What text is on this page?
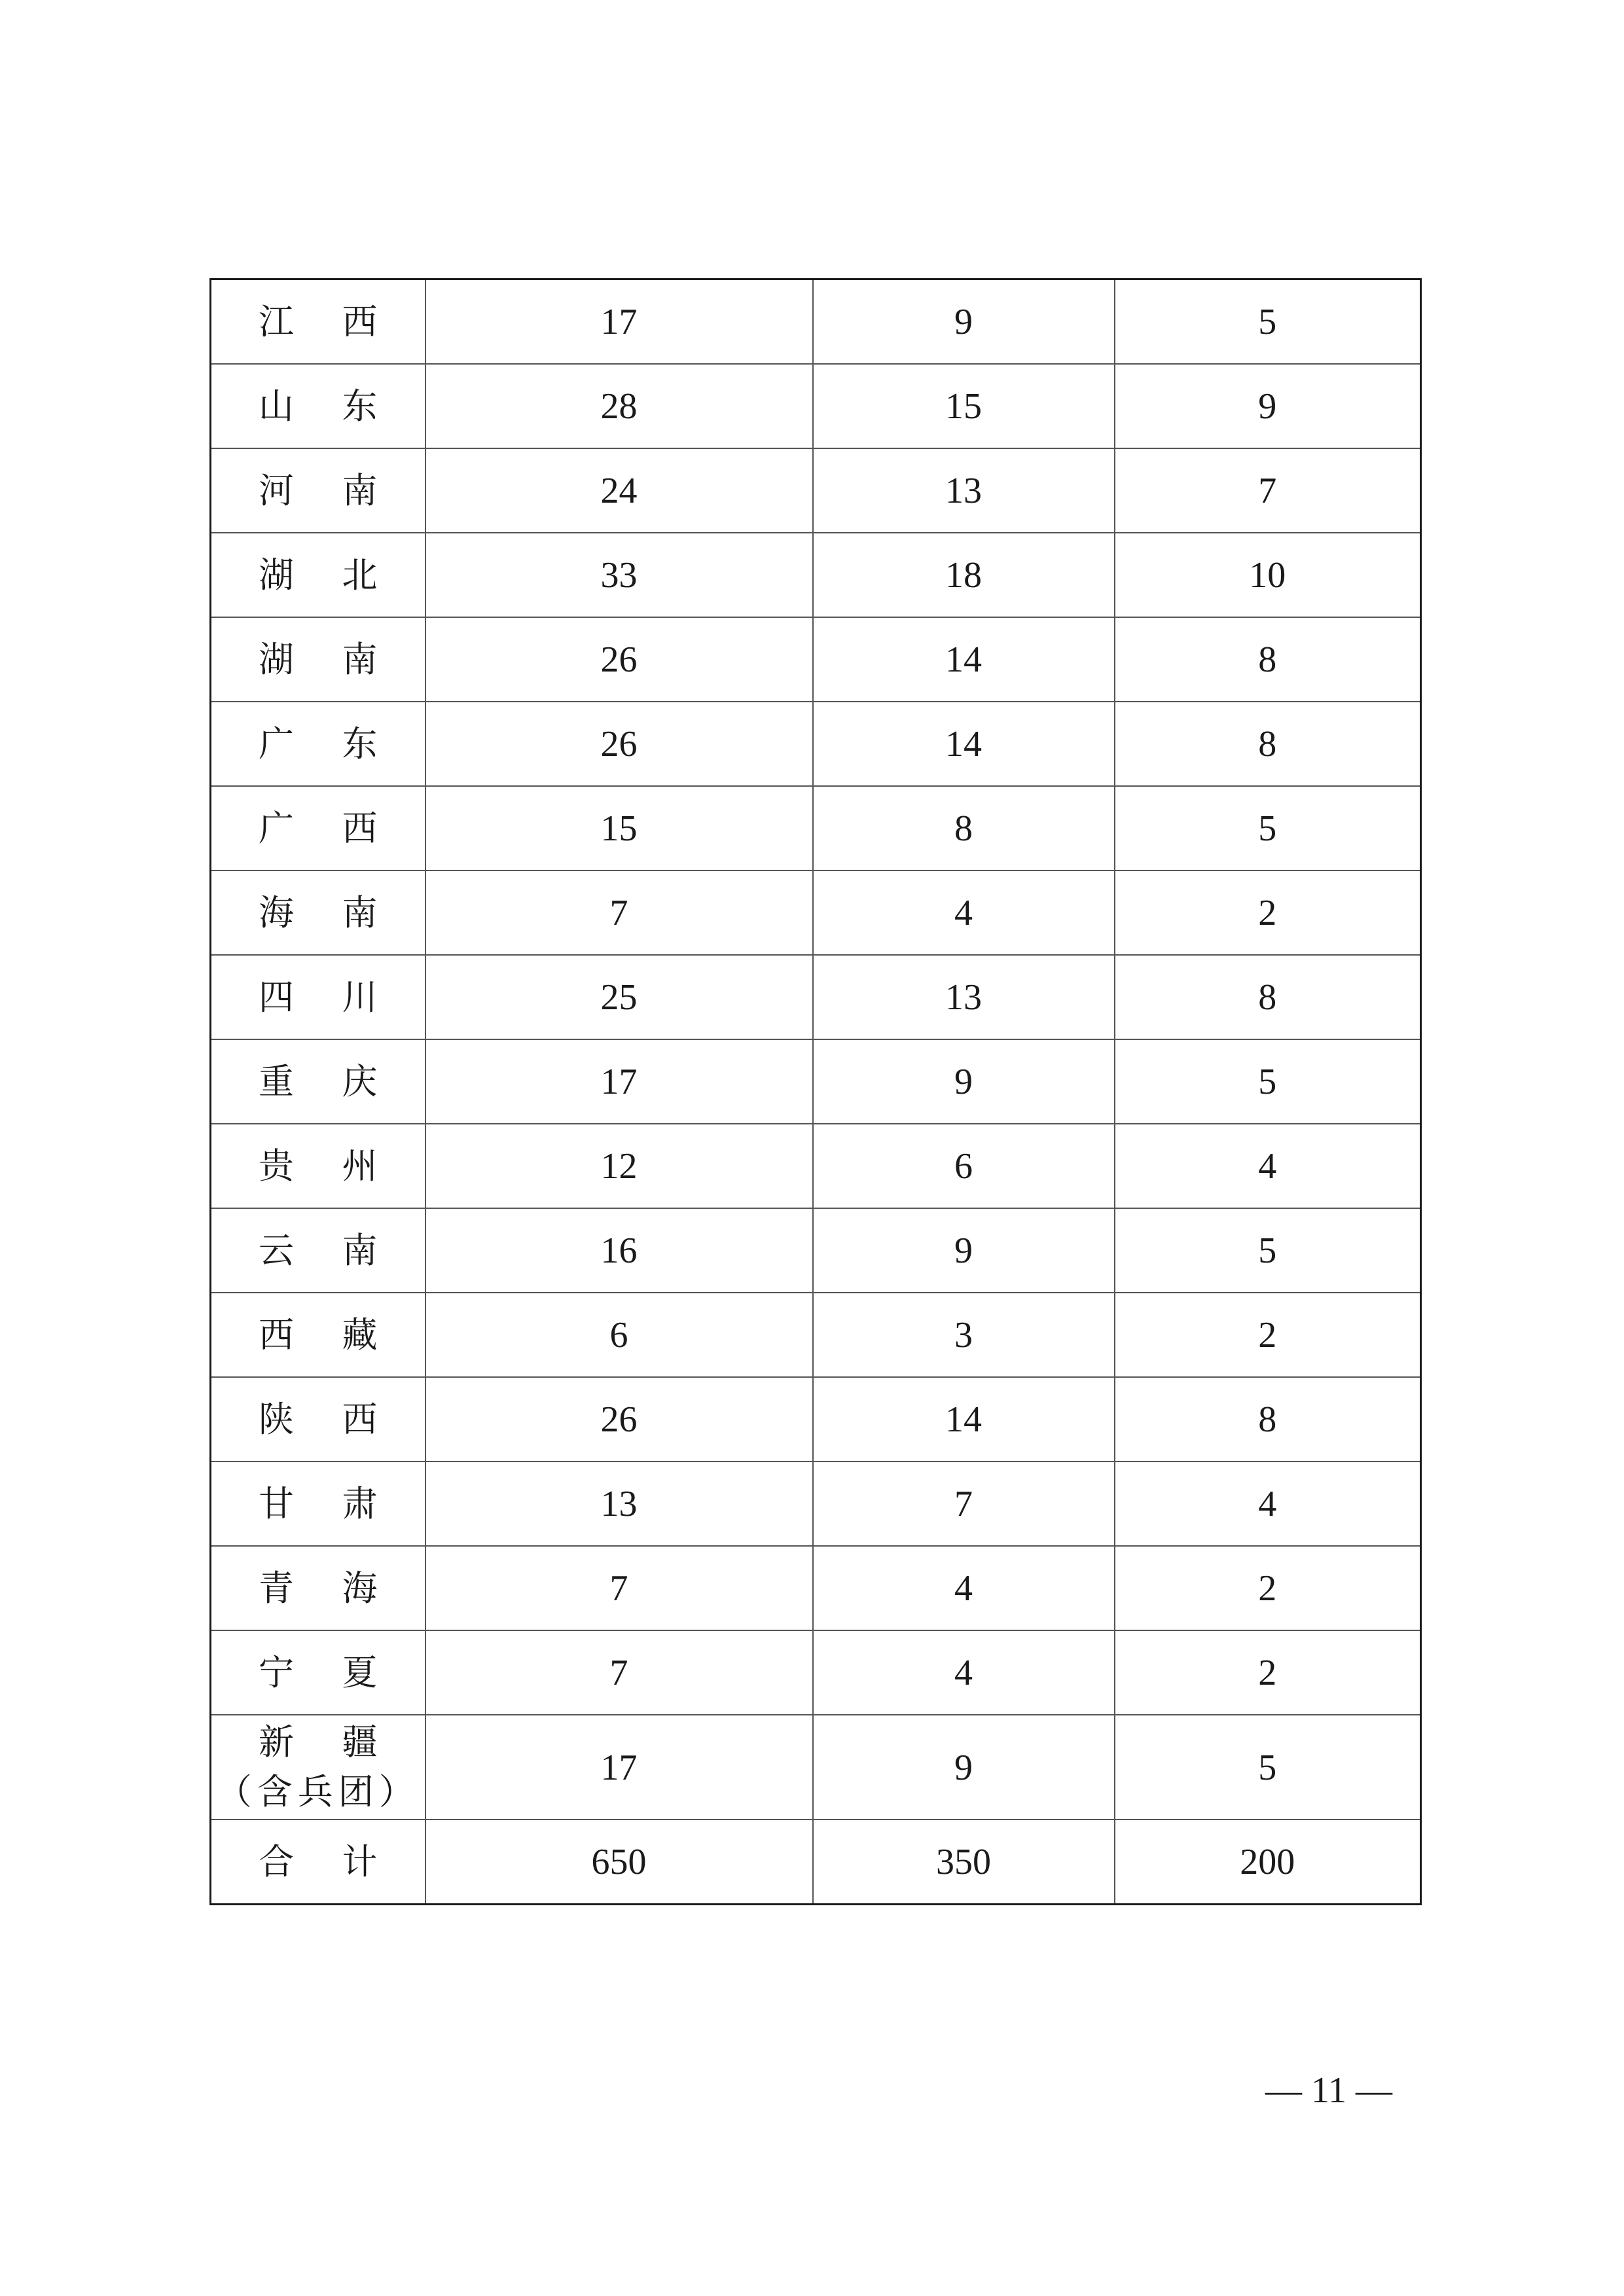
江 西	17	9	5

山 东	28	15	9

河 南	24	13	7

湖 北	33	18	10

湖 南	26	14	8

广 东	26	14	8

广 西	15	8	5

海 南	7	4	2

四 川	25	13	8

重 庆	17	9	5

贵 州	12	6	4

云 南	16	9	5

西 藏	6	3	2

陕 西	26	14	8

甘 肃	13	7	4

青 海	7	4	2

宁 夏	7	4	2

新 疆
（含兵团）	17	9	5

合 计	650	350	200
— 11 —
